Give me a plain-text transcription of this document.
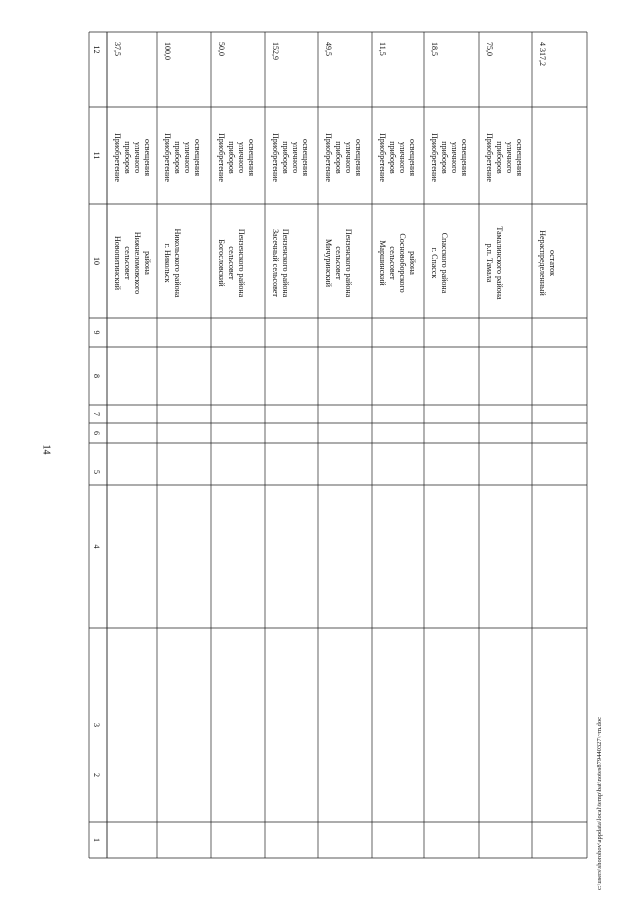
14
1
2
3
4
5
6
7
8
9
10
11
12 37,5
Приобретение приборов уличного освещения
Новопитинский сельсовет Нижнеломовского района
100,0
Приобретение приборов уличного освещения
г. Никольск Никольского района
50,0
Приобретение приборов уличного освещения
Богословский сельсовет Пензенского района
152,9
Приобретение приборов уличного освещения
Засечный сельсовет Пензенского района
49,5
Приобретение приборов уличного освещения
Мичуринский сельсовет Пензенского района
11,5
Приобретение приборов уличного освещения
Маршинский сельсовет Сосновоборского района
18,5
Приобретение приборов уличного освещения
г. Спасск Спасского района
75,0
Приобретение приборов уличного освещения
р.п. Тамала Тамалинского района
4 317,2
Нераспределенный остаток
c:\users\shorohov\appdata\local\temp\bat\notes879440327\~m.doc
